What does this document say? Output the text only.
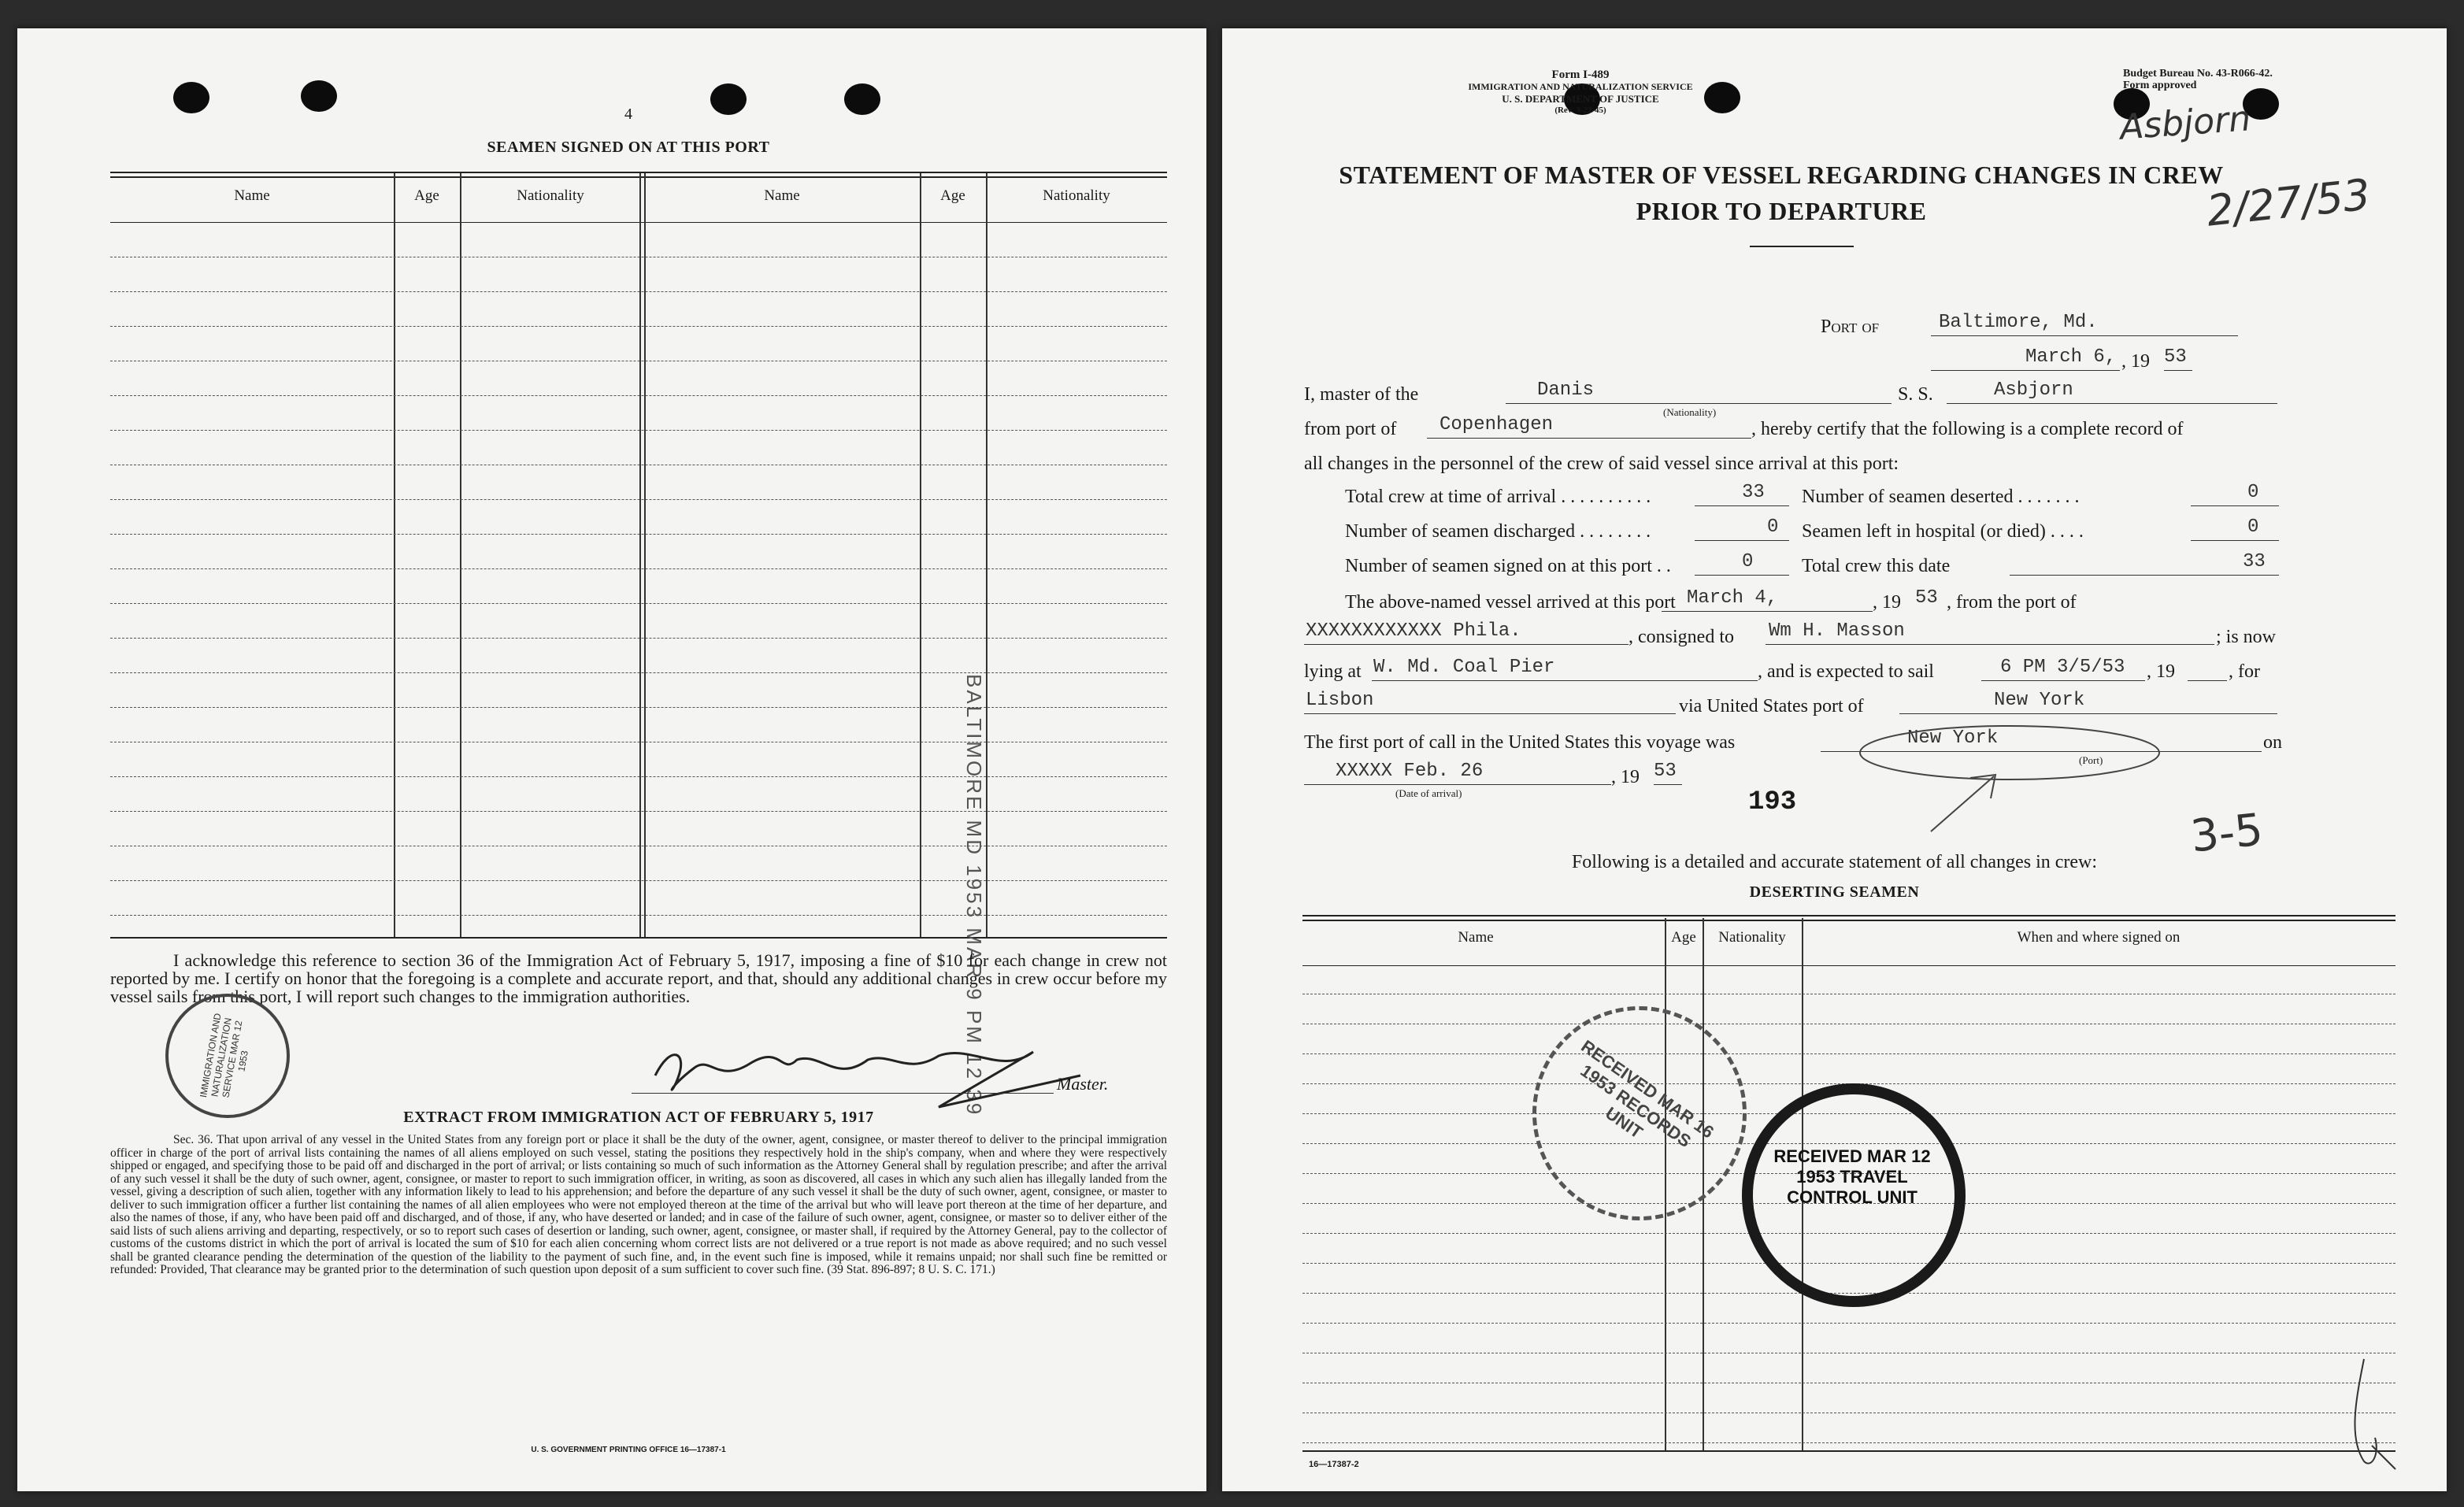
4
SEAMEN SIGNED ON AT THIS PORT
Name	Age	Nationality	Name	Age	Nationality
BALTIMORE MD 1953 MAR 9 PM 12 39
I acknowledge this reference to section 36 of the Immigration Act of February 5, 1917, imposing a fine of $10 for each change in crew not reported by me. I certify on honor that the foregoing is a complete and accurate report, and that, should any additional changes in crew occur before my vessel sails from this port, I will report such changes to the immigration authorities.
IMMIGRATION AND NATURALIZATION SERVICE MAR 12 1953
Master.
EXTRACT FROM IMMIGRATION ACT OF FEBRUARY 5, 1917
Sec. 36. That upon arrival of any vessel in the United States from any foreign port or place it shall be the duty of the owner, agent, consignee, or master thereof to deliver to the principal immigration officer in charge of the port of arrival lists containing the names of all aliens employed on such vessel, stating the positions they respectively hold in the ship's company, when and where they were respectively shipped or engaged, and specifying those to be paid off and discharged in the port of arrival; or lists containing so much of such information as the Attorney General shall by regulation prescribe; and after the arrival of any such vessel it shall be the duty of such owner, agent, consignee, or master to report to such immigration officer, in writing, as soon as discovered, all cases in which any such alien has illegally landed from the vessel, giving a description of such alien, together with any information likely to lead to his apprehension; and before the departure of any such vessel it shall be the duty of such owner, agent, consignee, or master to deliver to such immigration officer a further list containing the names of all alien employees who were not employed thereon at the time of the arrival but who will leave port thereon at the time of her departure, and also the names of those, if any, who have been paid off and discharged, and of those, if any, who have deserted or landed; and in case of the failure of such owner, agent, consignee, or master so to deliver either of the said lists of such aliens arriving and departing, respectively, or so to report such cases of desertion or landing, such owner, agent, consignee, or master shall, if required by the Attorney General, pay to the collector of customs of the customs district in which the port of arrival is located the sum of $10 for each alien concerning whom correct lists are not delivered or a true report is not made as above required; and no such vessel shall be granted clearance pending the determination of the question of the liability to the payment of such fine, and, in the event such fine is imposed, while it remains unpaid; nor shall such fine be remitted or refunded: Provided, That clearance may be granted prior to the determination of such question upon deposit of a sum sufficient to cover such fine. (39 Stat. 896-897; 8 U. S. C. 171.)
U. S. GOVERNMENT PRINTING OFFICE 16—17387-1
Form I-489
IMMIGRATION AND NATURALIZATION SERVICE
U. S. DEPARTMENT OF JUSTICE
(Rev. 3-22-45)
Budget Bureau No. 43-R066-42.
Form approved
Asbjorn
2/27/53
STATEMENT OF MASTER OF VESSEL REGARDING CHANGES IN CREW
PRIOR TO DEPARTURE
Port of	Baltimore, Md.
March 6, , 19 53
I, master of the	Danis
(Nationality)
S. S.	Asbjorn
from port of Copenhagen	, hereby certify that the following is a complete record of
all changes in the personnel of the crew of said vessel since arrival at this port:
Total crew at time of arrival . . . . . . . . . .	33 Number of seamen deserted . . . . . . .	0
Number of seamen discharged . . . . . . . .	0 Seamen left in hospital (or died) . . . .	0
Number of seamen signed on at this port . .	0	Total crew this date	33
The above-named vessel arrived at this port March 4,	, 19 53 , from the port of
XXXXXXXXXXXX Phila.	, consigned to Wm H. Masson	; is now
lying at W. Md. Coal Pier	, and is expected to sail	6 PM 3/5/53 , 19	, for
Lisbon	via United States port of	New York
The first port of call in the United States this voyage was	New York
(Port)
on
XXXXX Feb. 26
(Date of arrival)
, 19 53
193
3-5
Following is a detailed and accurate statement of all changes in crew:
DESERTING SEAMEN
Name	Age	Nationality	When and where signed on
RECEIVED MAR 16 1953 RECORDS UNIT
RECEIVED MAR 12 1953 TRAVEL CONTROL UNIT
16—17387-2
